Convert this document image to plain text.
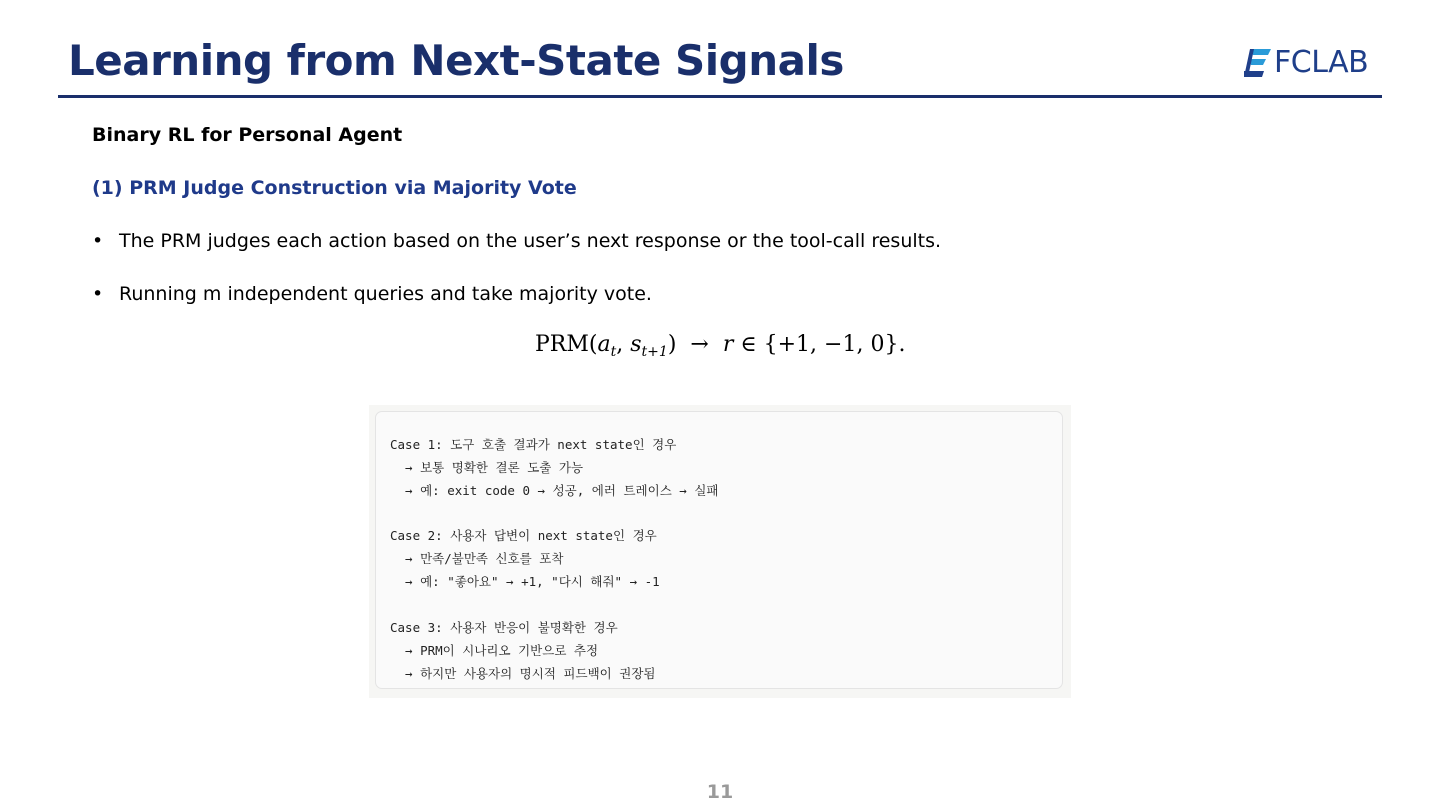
Learning from Next-State Signals	FCLAB
Binary RL for Personal Agent
(1) PRM Judge Construction via Majority Vote
• The PRM judges each action based on the user’s next response or the tool-call results.
• Running m independent queries and take majority vote.
$PRM(a_t$, $s_{t+1}) \to r$ ∈ {+1, −1, 0}.
Case 1: 도구 호출 결과가 next state인 경우
→ 보통 명확한 결론 도출 가능
→ 예: exit code 0 → 성공, 에러 트레이스 → 실패
Case 2: 사용자 답변이 next state인 경우
→ 만족/불만족 신호를 포착
→ 예: "좋아요" → +1, "다시 해줘" → -1
Case 3: 사용자 반응이 불명확한 경우
→ PRM이 시나리오 기반으로 추정
→ 하지만 사용자의 명시적 피드백이 권장됨
11
